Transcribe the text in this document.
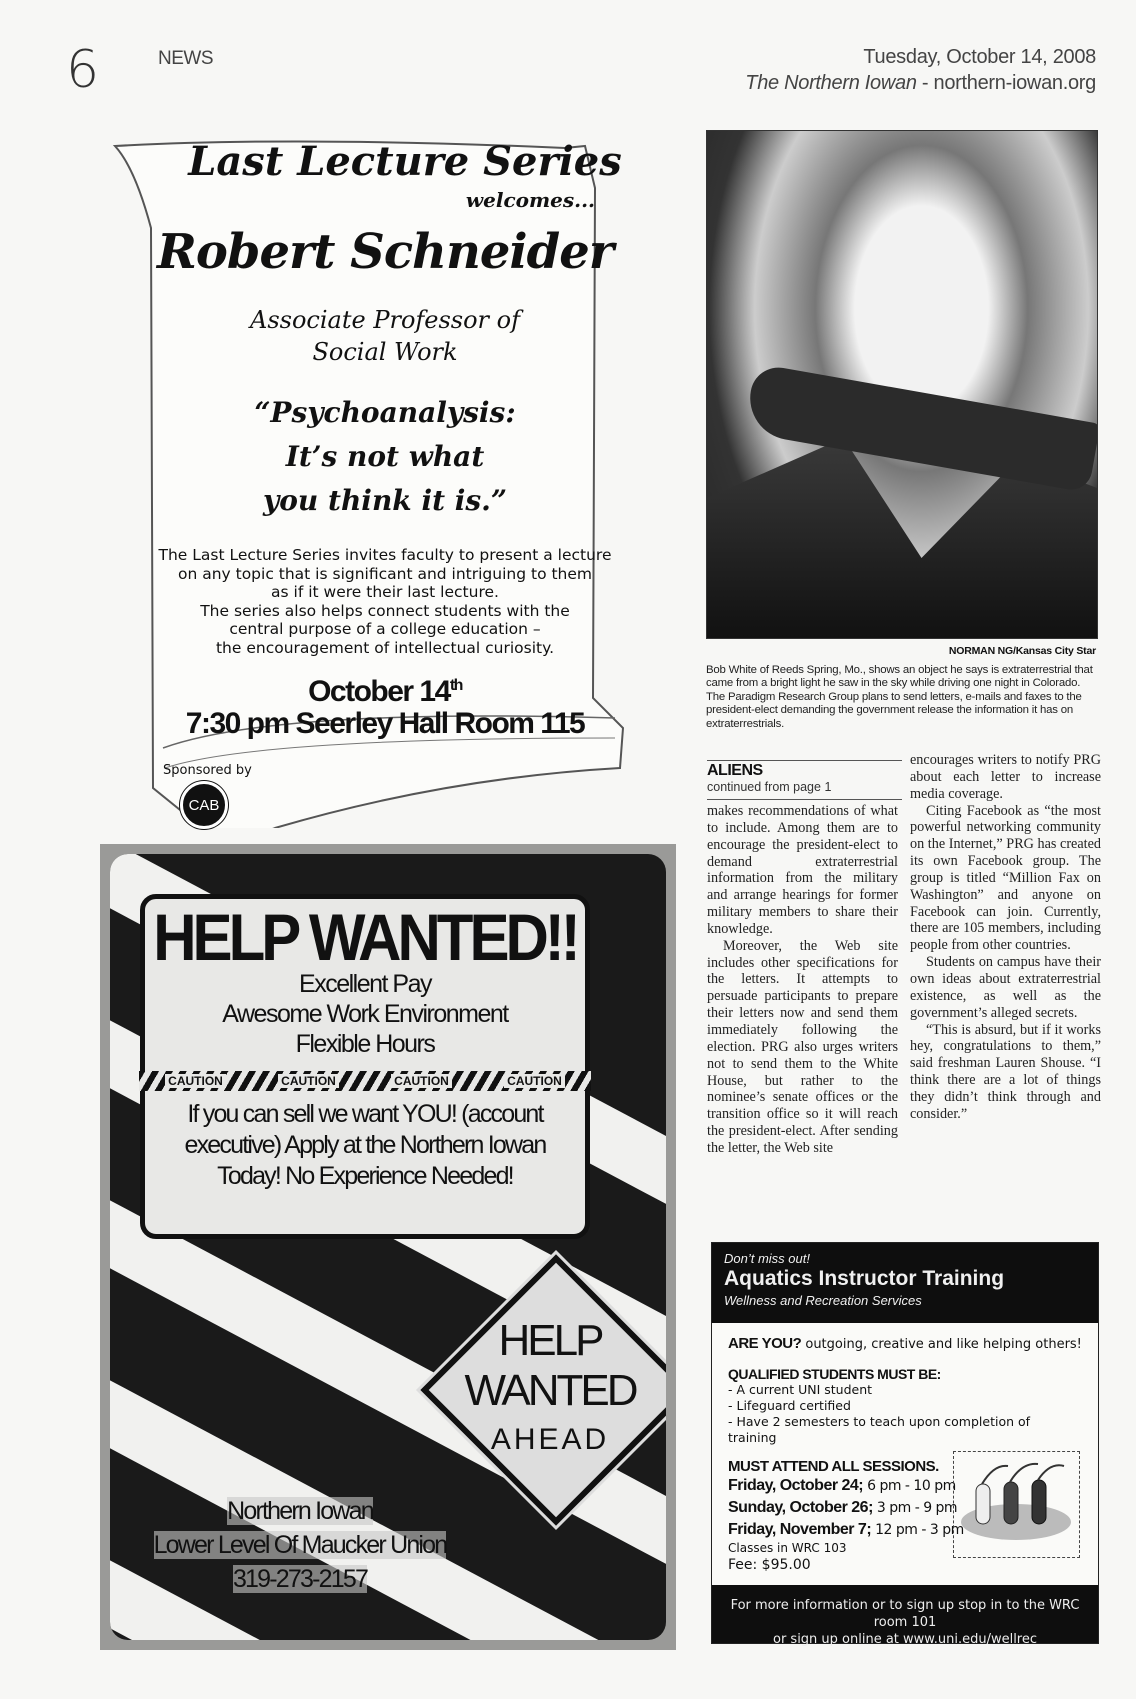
6	NEWS	Tuesday, October 14, 2008
The Northern Iowan - northern-iowan.org
Last Lecture Series
welcomes...
Robert Schneider
Associate Professor of
Social Work
“Psychoanalysis:
It’s not what
you think it is.”
The Last Lecture Series invites faculty to present a lecture
on any topic that is significant and intriguing to them
as if it were their last lecture.
The series also helps connect students with the
central purpose of a college education –
the encouragement of intellectual curiosity.
October 14th
7:30 pm Seerley Hall Room 115
Sponsored by
CAB
HELP WANTED!!
Excellent Pay
Awesome Work Environment
Flexible Hours
CAUTION	CAUTION	CAUTION	CAUTION
If you can sell we want YOU! (account
executive) Apply at the Northern Iowan
Today! No Experience Needed!
HELP
WANTED
AHEAD
Northern Iowan
Lower Level Of Maucker Union
319-273-2157
NORMAN NG/Kansas City Star
Bob White of Reeds Spring, Mo., shows an object he says is extraterrestrial that came from a bright light he saw in the sky while driving one night in Colorado. The Paradigm Research Group plans to send letters, e-mails and faxes to the president-elect demanding the government release the information it has on extraterrestrials.
ALIENS
continued from page 1

makes recommendations of what to include. Among them are to encourage the president-elect to demand extraterrestrial information from the military and arrange hearings for former military members to share their knowledge.

Moreover, the Web site includes other specifications for the letters. It attempts to persuade participants to prepare their letters now and send them immediately following the election. PRG also urges writers not to send them to the White House, but rather to the nominee’s senate offices or the transition office so it will reach the president-elect. After sending the letter, the Web site

encourages writers to notify PRG about each letter to increase media coverage.

Citing Facebook as “the most powerful networking community on the Internet,” PRG has created its own Facebook group. The group is titled “Million Fax on Washington” and anyone on Facebook can join. Currently, there are 105 members, including people from other countries.

Students on campus have their own ideas about extraterrestrial existence, as well as the government’s alleged secrets.

“This is absurd, but if it works hey, congratulations to them,” said freshman Lauren Shouse. “I think there are a lot of things they didn’t think through and consider.”

Don’t miss out!
Aquatics Instructor Training
Wellness and Recreation Services
ARE YOU? outgoing, creative and like helping others!
QUALIFIED STUDENTS MUST BE:
- A current UNI student
- Lifeguard certified
- Have 2 semesters to teach upon completion of training
MUST ATTEND ALL SESSIONS.
Friday, October 24; 6 pm - 10 pm
Sunday, October 26; 3 pm - 9 pm
Friday, November 7; 12 pm - 3 pm
Classes in WRC 103
Fee: $95.00
For more information or to sign up stop in to the WRC room 101
or sign up online at www.uni.edu/wellrec
